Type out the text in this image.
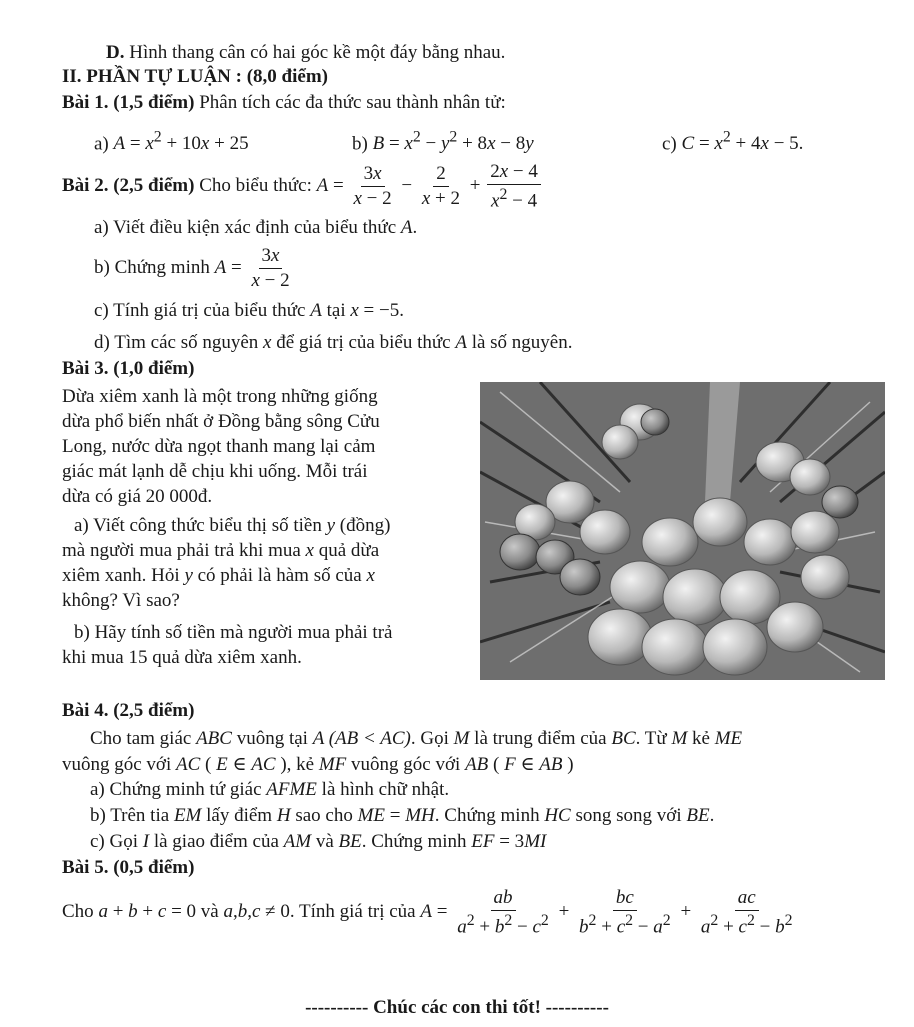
D. Hình thang cân có hai góc kề một đáy bằng nhau.
II. PHẦN TỰ LUẬN : (8,0 điểm)
Bài 1. (1,5 điểm) Phân tích các đa thức sau thành nhân tử:
a) $A = x^2 + 10x + 25$	b) $B = x^2 - y^2 + 8x - 8y$	c) $C = x^2 + 4x - 5$.
Bài 2. (2,5 điểm) Cho biểu thức: $A = \frac{3x}{x - 2} - \frac{2}{x + 2} + \frac{2x - 4}{x^2 - 4}$
a) Viết điều kiện xác định của biểu thức A.
b) Chứng minh $A = \frac{3x}{x - 2}$
c) Tính giá trị của biểu thức A tại x = −5.
d) Tìm các số nguyên x để giá trị của biểu thức A là số nguyên.
Bài 3. (1,0 điểm)
Dừa xiêm xanh là một trong những giống
dừa phổ biến nhất ở Đồng bằng sông Cửu
Long, nước dừa ngọt thanh mang lại cảm
giác mát lạnh dễ chịu khi uống. Mỗi trái
dừa có giá 20 000đ.
a) Viết công thức biểu thị số tiền y (đồng)
mà người mua phải trả khi mua x quả dừa
xiêm xanh. Hỏi y có phải là hàm số của x
không? Vì sao?
b) Hãy tính số tiền mà người mua phải trả
khi mua 15 quả dừa xiêm xanh.
Bài 4. (2,5 điểm)
Cho tam giác ABC vuông tại A (AB < AC). Gọi M là trung điểm của BC. Từ M kẻ ME
vuông góc với AC ( E ∈ AC ), kẻ MF vuông góc với AB ( F ∈ AB )
a) Chứng minh tứ giác AFME là hình chữ nhật.
b) Trên tia EM lấy điểm H sao cho ME = MH. Chứng minh HC song song với BE.
c) Gọi I là giao điểm của AM và BE. Chứng minh EF = 3MI
Bài 5. (0,5 điểm)
Cho a + b + c = 0 và a,b,c ≠ 0. Tính giá trị của $A = \frac{ab}{a^2 + b^2 - c^2} + \frac{bc}{b^2 + c^2 - a^2} + \frac{ac}{a^2 + c^2 - b^2}$
---------- Chúc các con thi tốt! ----------
